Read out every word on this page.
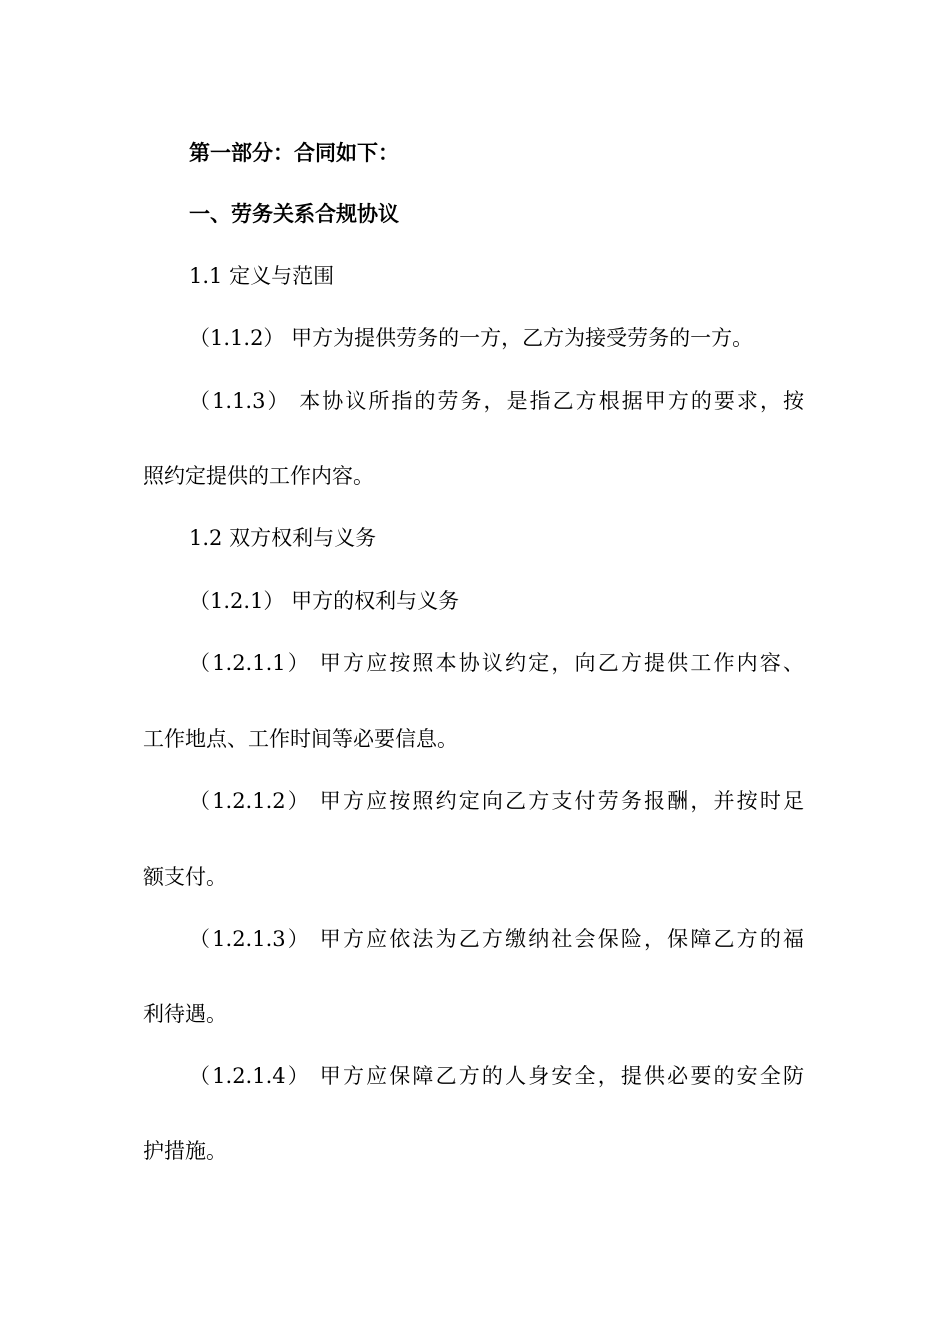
第一部分：合同如下：

一、劳务关系合规协议

1.1 定义与范围

（1.1.2） 甲方为提供劳务的一方，乙方为接受劳务的一方。

（1.1.3） 本协议所指的劳务，是指乙方根据甲方的要求，按

照约定提供的工作内容。

1.2 双方权利与义务

（1.2.1） 甲方的权利与义务

（1.2.1.1） 甲方应按照本协议约定，向乙方提供工作内容、

工作地点、工作时间等必要信息。

（1.2.1.2） 甲方应按照约定向乙方支付劳务报酬，并按时足

额支付。

（1.2.1.3） 甲方应依法为乙方缴纳社会保险，保障乙方的福

利待遇。

（1.2.1.4） 甲方应保障乙方的人身安全，提供必要的安全防

护措施。
